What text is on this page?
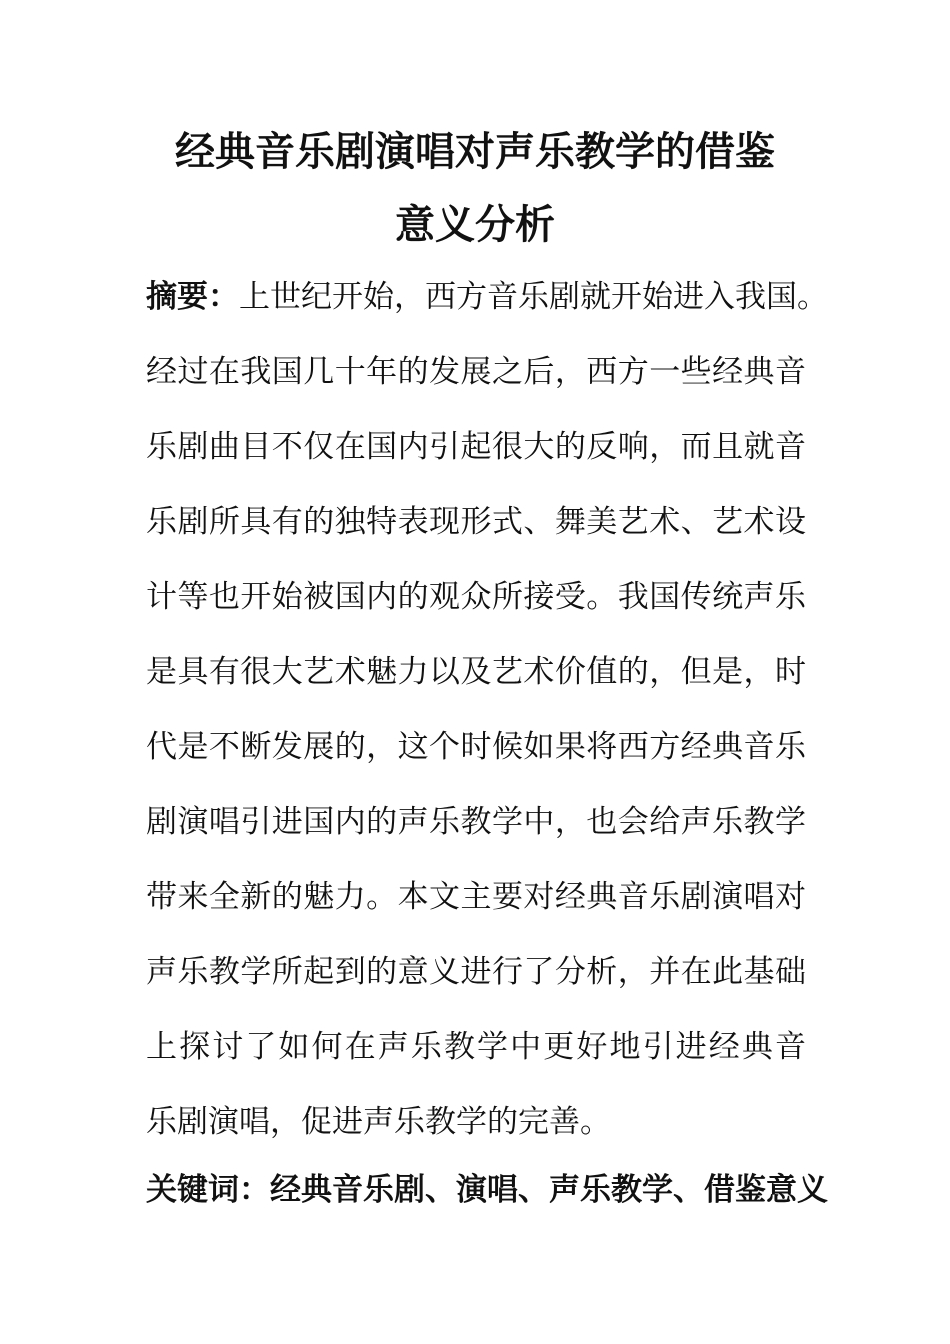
经典音乐剧演唱对声乐教学的借鉴
意义分析
摘要：上世纪开始，西方音乐剧就开始进入我国。
经过在我国几十年的发展之后，西方一些经典音
乐剧曲目不仅在国内引起很大的反响，而且就音
乐剧所具有的独特表现形式、舞美艺术、艺术设
计等也开始被国内的观众所接受。我国传统声乐
是具有很大艺术魅力以及艺术价值的，但是，时
代是不断发展的，这个时候如果将西方经典音乐
剧演唱引进国内的声乐教学中，也会给声乐教学
带来全新的魅力。本文主要对经典音乐剧演唱对
声乐教学所起到的意义进行了分析，并在此基础
上探讨了如何在声乐教学中更好地引进经典音
乐剧演唱，促进声乐教学的完善。
关键词：经典音乐剧、演唱、声乐教学、借鉴意义
